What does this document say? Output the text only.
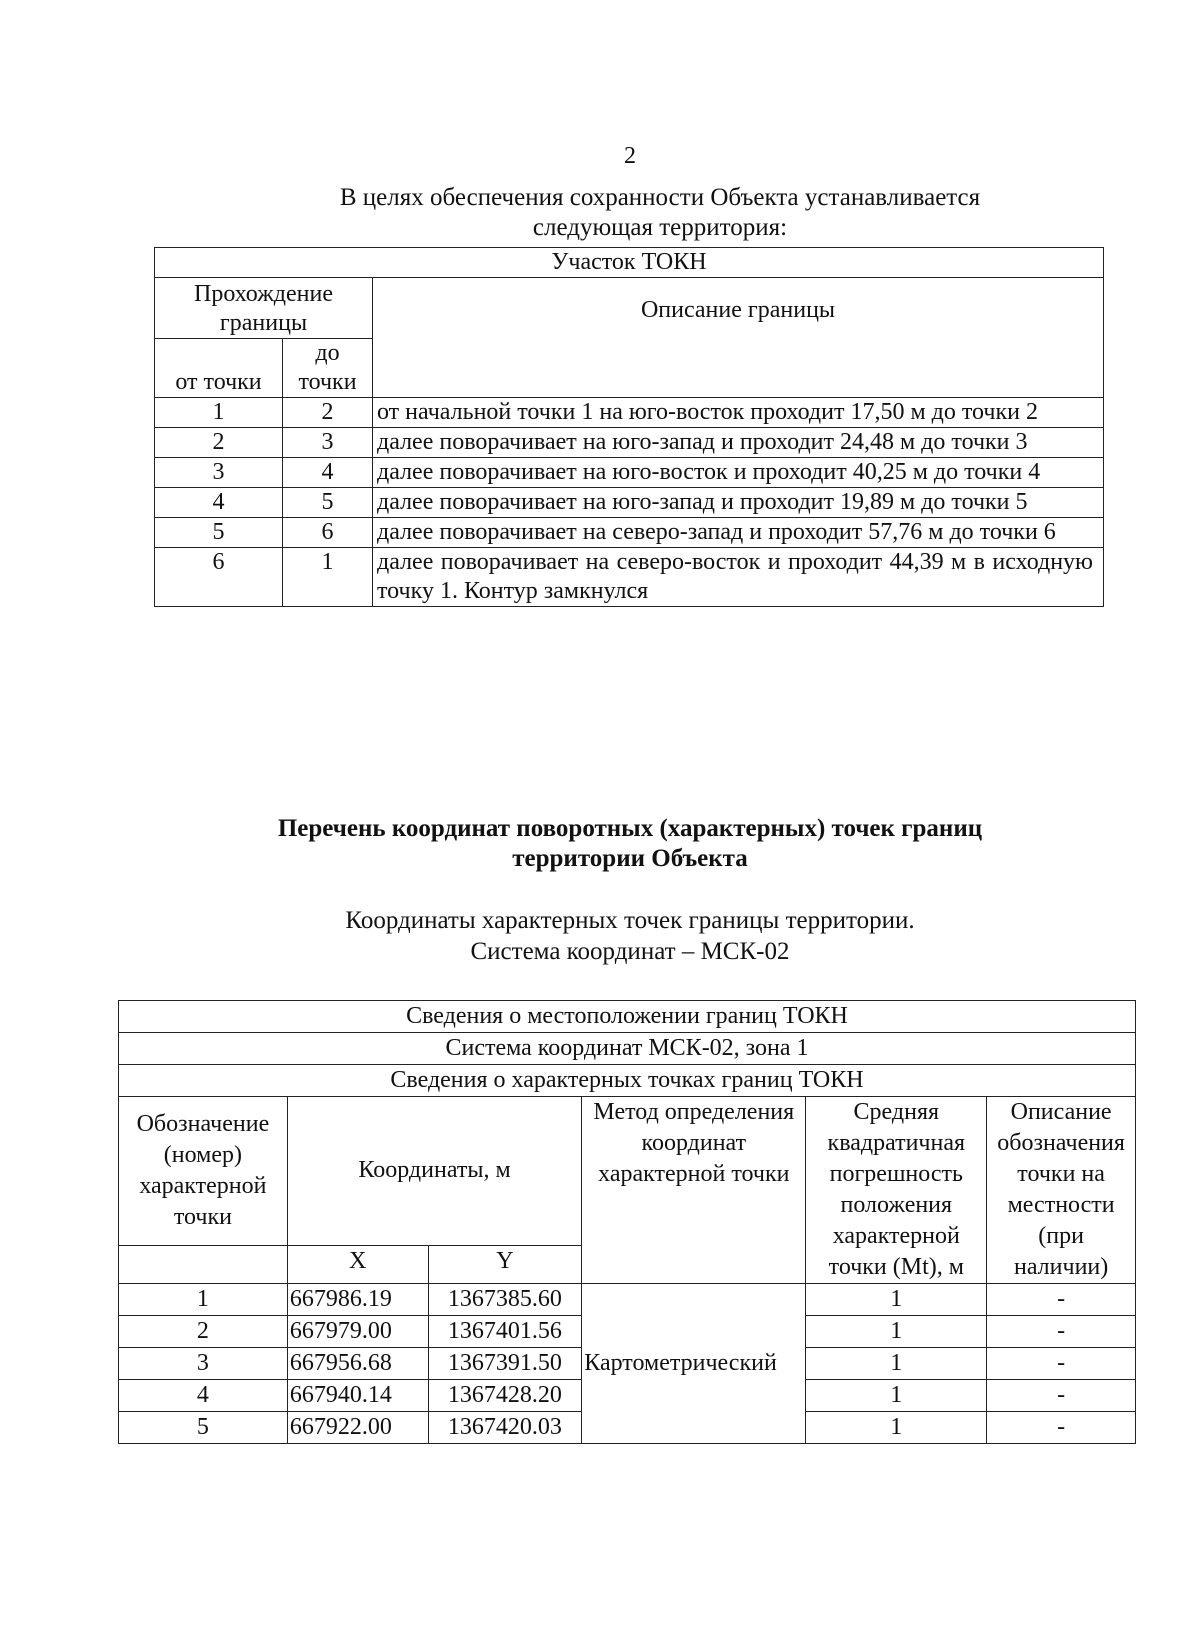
2
В целях обеспечения сохранности Объекта устанавливается
следующая территория:
Участок ТОКН		
Прохождение границы		Описание границы
от точки	до точки	
1	2	от начальной точки 1 на юго-восток проходит 17,50 м до точки 2
2	3	далее поворачивает на юго-запад и проходит 24,48 м до точки 3
3	4	далее поворачивает на юго-восток и проходит 40,25 м до точки 4
4	5	далее поворачивает на юго-запад и проходит 19,89 м до точки 5
5	6	далее поворачивает на северо-запад и проходит 57,76 м до точки 6
6	1	далее поворачивает на северо-восток и проходит 44,39 м в исходную точку 1. Контур замкнулся
Перечень координат поворотных (характерных) точек границ
территории Объекта
Координаты характерных точек границы территории.
Система координат – МСК-02
Сведения о местоположении границ ТОКН					
Система координат МСК-02, зона 1					
Сведения о характерных точках границ ТОКН					
Обозначение (номер) характерной точки	Координаты, м		Метод определения координат характерной точки	Средняя квадратичная погрешность положения характерной точки (Mt), м	Описание обозначения точки на местности (при наличии)
	X	Y			
1	667986.19	1367385.60	Картометрический	1	-
2	667979.00	1367401.56		1	-
3	667956.68	1367391.50		1	-
4	667940.14	1367428.20		1	-
5	667922.00	1367420.03		1	-
